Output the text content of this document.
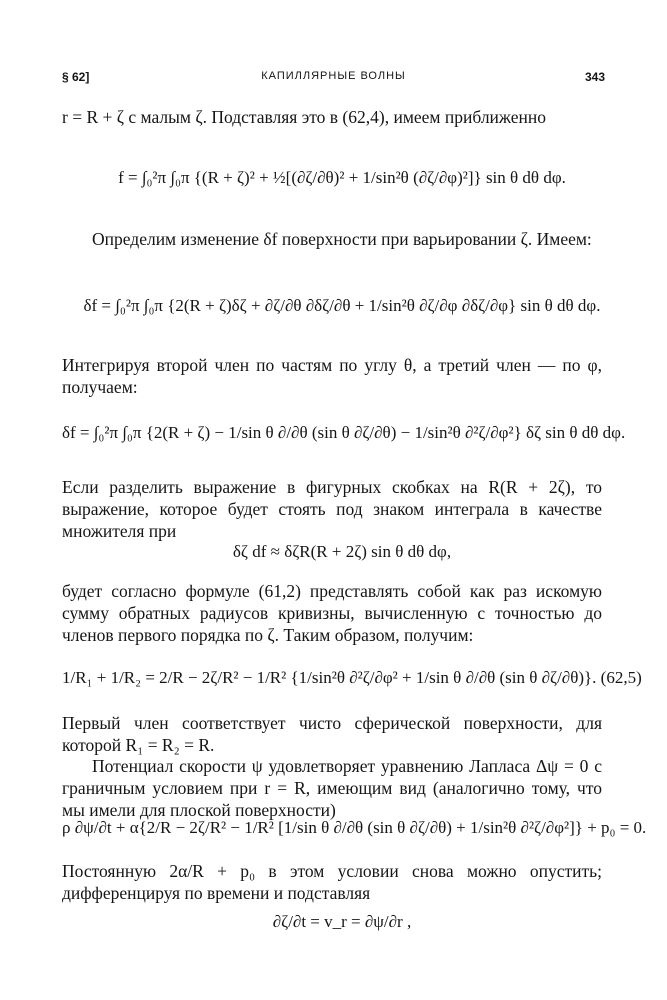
§ 62]	КАПИЛЛЯРНЫЕ ВОЛНЫ	343

r = R + ζ с малым ζ. Подставляя это в (62,4), имеем приближенно

f = ∫₀²π ∫₀π {(R + ζ)² + ½[(∂ζ/∂θ)² + 1/sin²θ (∂ζ/∂φ)²]} sin θ dθ dφ.

Определим изменение δf поверхности при варьировании ζ. Имеем:

δf = ∫₀²π ∫₀π {2(R + ζ)δζ + ∂ζ/∂θ ∂δζ/∂θ + 1/sin²θ ∂ζ/∂φ ∂δζ/∂φ} sin θ dθ dφ.

Интегрируя второй член по частям по углу θ, а третий член — по φ, получаем:

δf = ∫₀²π ∫₀π {2(R + ζ) − 1/sin θ ∂/∂θ (sin θ ∂ζ/∂θ) − 1/sin²θ ∂²ζ/∂φ²} δζ sin θ dθ dφ.

Если разделить выражение в фигурных скобках на R(R + 2ζ), то выражение, которое будет стоять под знаком интеграла в качестве множителя при

δζ df ≈ δζR(R + 2ζ) sin θ dθ dφ,

будет согласно формуле (61,2) представлять собой как раз искомую сумму обратных радиусов кривизны, вычисленную с точностью до членов первого порядка по ζ. Таким образом, получим:

1/R₁ + 1/R₂ = 2/R − 2ζ/R² − 1/R² {1/sin²θ ∂²ζ/∂φ² + 1/sin θ ∂/∂θ (sin θ ∂ζ/∂θ)}. (62,5)

Первый член соответствует чисто сферической поверхности, для которой R₁ = R₂ = R.

Потенциал скорости ψ удовлетворяет уравнению Лапласа Δψ = 0 с граничным условием при r = R, имеющим вид (аналогично тому, что мы имели для плоской поверхности)

ρ ∂ψ/∂t + α{2/R − 2ζ/R² − 1/R² [1/sin θ ∂/∂θ (sin θ ∂ζ/∂θ) + 1/sin²θ ∂²ζ/∂φ²]} + p₀ = 0.

Постоянную 2α/R + p₀ в этом условии снова можно опустить; дифференцируя по времени и подставляя

∂ζ/∂t = v_r = ∂ψ/∂r ,
